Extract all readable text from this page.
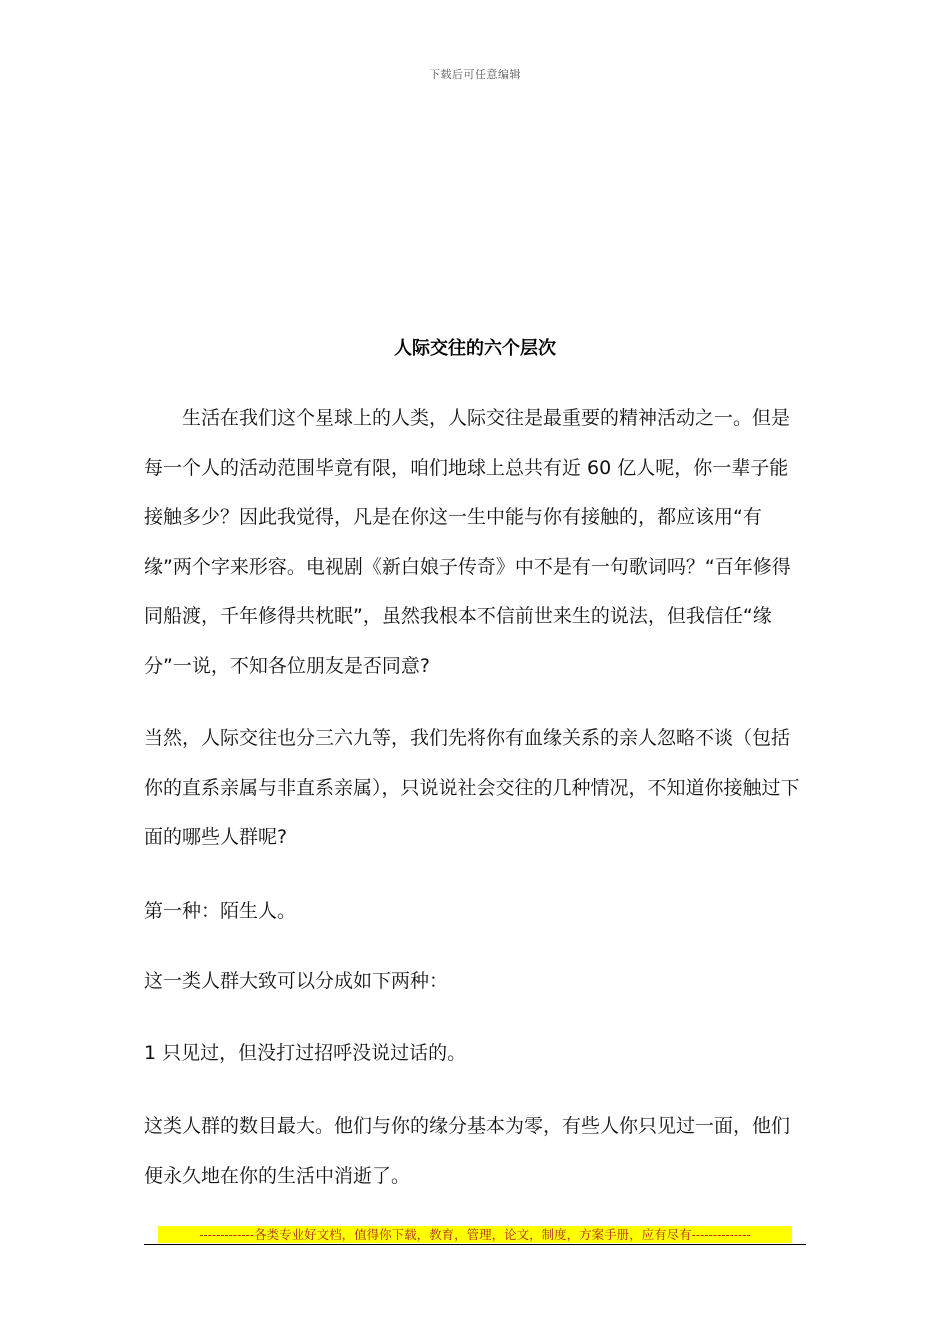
下载后可任意编辑
人际交往的六个层次

生活在我们这个星球上的人类，人际交往是最重要的精神活动之一。但是每一个人的活动范围毕竟有限，咱们地球上总共有近 60 亿人呢，你一辈子能接触多少？因此我觉得，凡是在你这一生中能与你有接触的，都应该用“有缘”两个字来形容。电视剧《新白娘子传奇》中不是有一句歌词吗？“百年修得同船渡，千年修得共枕眠”，虽然我根本不信前世来生的说法，但我信任“缘分”一说，不知各位朋友是否同意?

当然，人际交往也分三六九等，我们先将你有血缘关系的亲人忽略不谈（包括你的直系亲属与非直系亲属），只说说社会交往的几种情况，不知道你接触过下面的哪些人群呢?

第一种：陌生人。

这一类人群大致可以分成如下两种：

1 只见过，但没打过招呼没说过话的。

这类人群的数目最大。他们与你的缘分基本为零，有些人你只见过一面，他们便永久地在你的生活中消逝了。

-------------各类专业好文档，值得你下载，教育，管理，论文，制度，方案手册，应有尽有--------------
